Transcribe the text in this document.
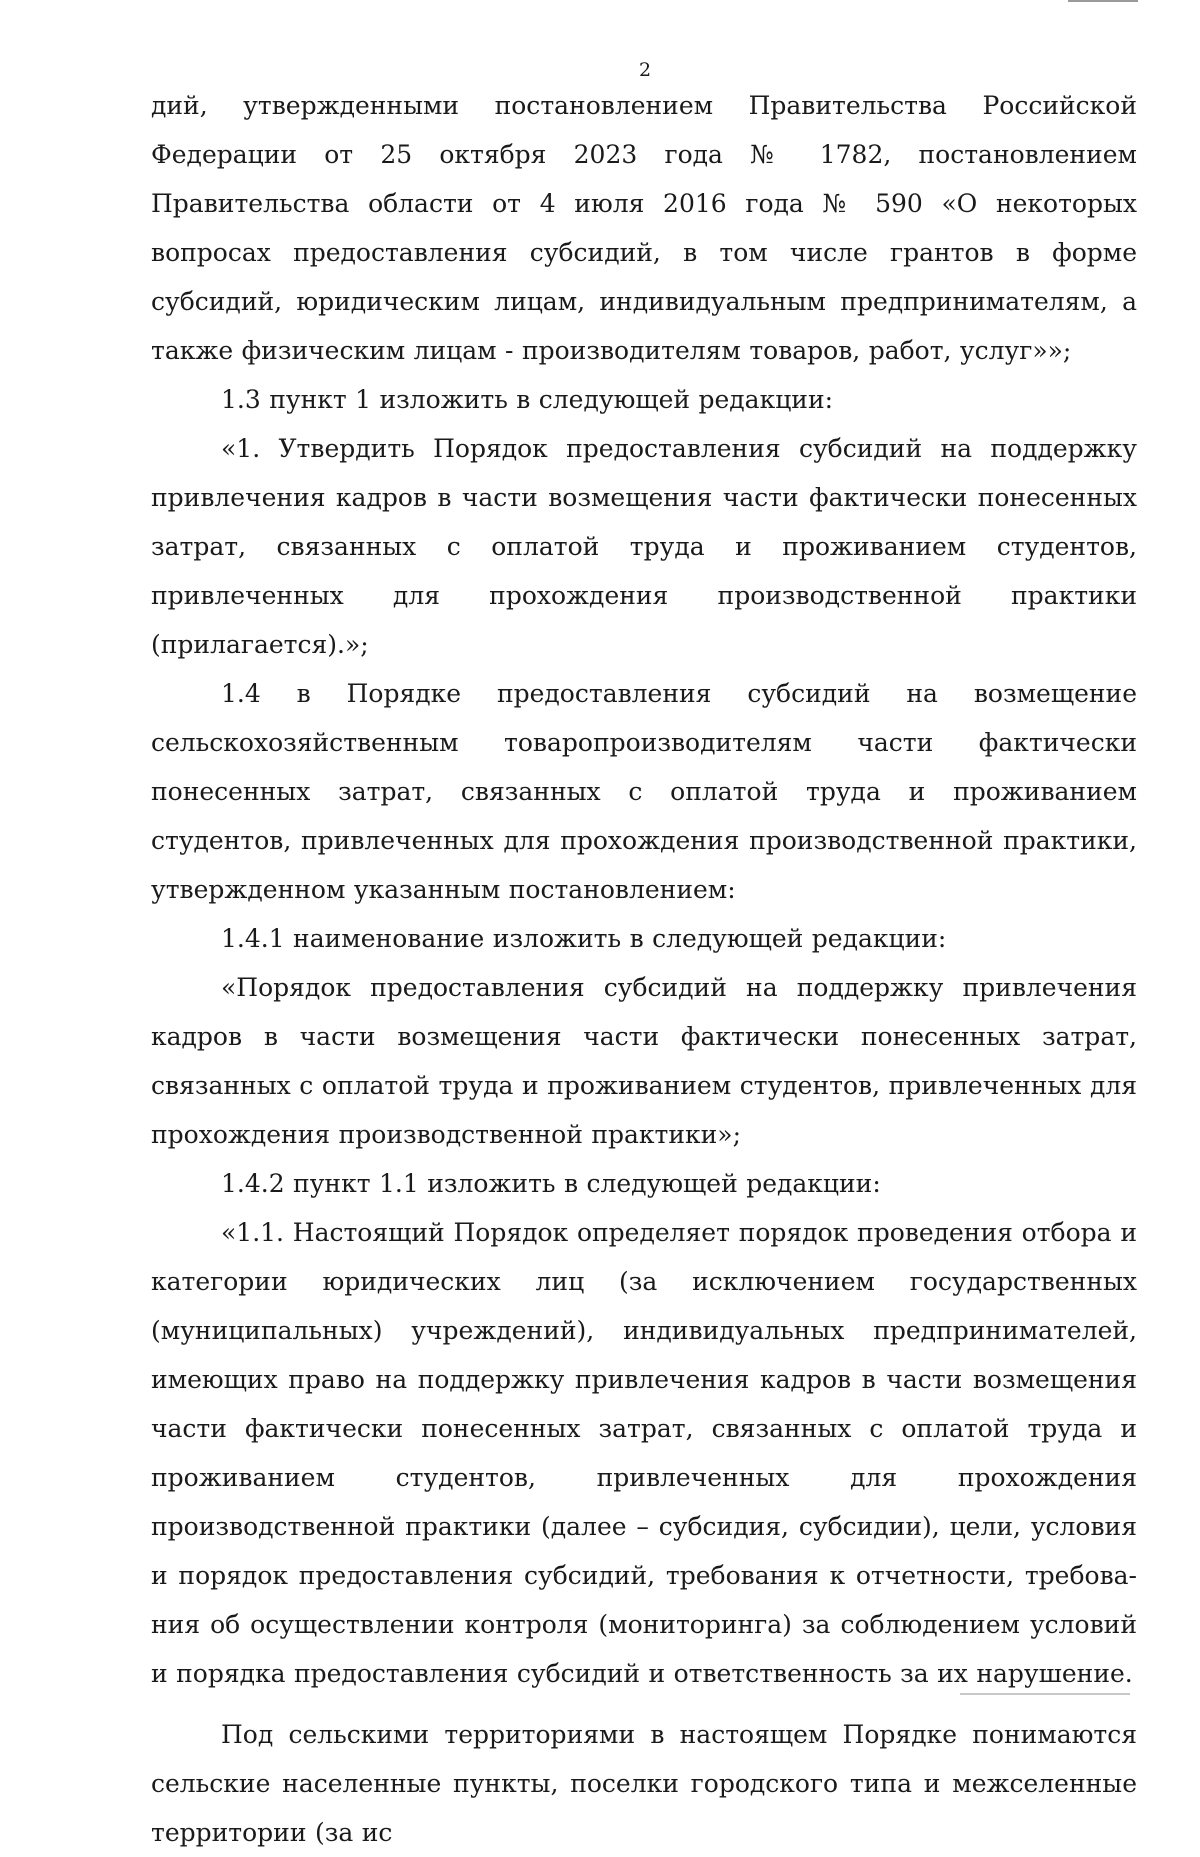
2

дий, утвержденными постановлением Правительства Российской Федерации от 25 октября 2023 года № 1782, постановлением Правительства области от 4 июля 2016 года № 590 «О некоторых вопросах предоставления субсидий, в том числе грантов в форме субсидий, юридическим лицам, индивидуальным предпринимателям, а также физическим лицам - производителям товаров, работ, услуг»»;

1.3 пункт 1 изложить в следующей редакции:

«1. Утвердить Порядок предоставления субсидий на поддержку привлечения кадров в части возмещения части фактически понесенных затрат, связанных с оплатой труда и проживанием студентов, привлеченных для прохождения производственной практики (прилагается).»;

1.4 в Порядке предоставления субсидий на возмещение сельскохозяйственным товаропроизводителям части фактически понесенных затрат, связанных с оплатой труда и проживанием студентов, привлеченных для прохождения производственной практики, утвержденном указанным постановлением:

1.4.1 наименование изложить в следующей редакции:

«Порядок предоставления субсидий на поддержку привлечения кадров в части возмещения части фактически понесенных затрат, связанных с оплатой труда и проживанием студентов, привлеченных для прохождения производственной практики»;

1.4.2 пункт 1.1 изложить в следующей редакции:

«1.1. Настоящий Порядок определяет порядок проведения отбора и категории юридических лиц (за исключением государственных (муниципальных) учреждений), индивидуальных предпринимателей, имеющих право на поддержку привлечения кадров в части возмещения части фактически понесенных затрат, связанных с оплатой труда и проживанием студентов, привлеченных для прохождения производственной практики (далее – субсидия, субсидии), цели, условия и порядок предоставления субсидий, требования к отчетности, требования об осуществлении контроля (мониторинга) за соблюдением условий и порядка предоставления субсидий и ответственность за их нарушение.

Под сельскими территориями в настоящем Порядке понимаются сельские населенные пункты, поселки городского типа и межселенные территории (за ис
